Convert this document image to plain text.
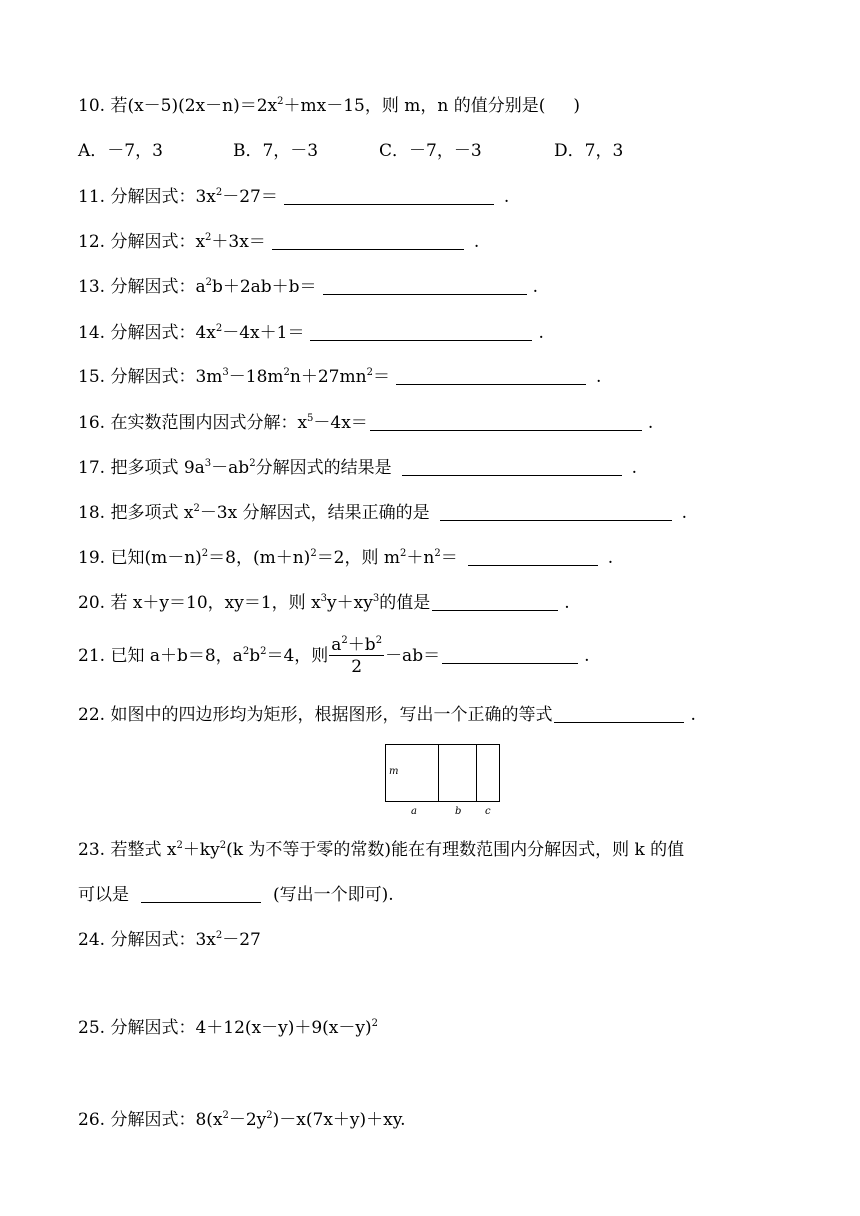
10. 若$(x-5)(2x-n)=2x^2+mx-15$，则 m，n 的值分别是( )
A．－7，3	B．7，－3	C．－7，－3	D．7，3
11. 分解因式：$3x^2-27=$	.
12. 分解因式：$x^2+3x=$	.
13. 分解因式：$a^2b+2ab+b=$	.
14. 分解因式：$4x^2-4x+1=$	.
15. 分解因式：$3m^3-18m^2n+27mn^2=$	.
16. 在实数范围内因式分解：$x^5-4x=$	.
17. 把多项式 $9a^3-ab^2$分解因式的结果是	.
18. 把多项式 $x^2-3x$ 分解因式，结果正确的是	.
19. 已知$(m-n)^2=8$，$(m+n)^2=2$，则 $m^2+n^2=$	.
20. 若 x＋y＝10，xy＝1，则 $x^3y+xy^3$的值是	.
21. 已知 a＋b＝8，$a^2b^2=4$，则 $\frac{a^2+b^2}{2} -ab=$	.
22. 如图中的四边形均为矩形，根据图形，写出一个正确的等式	.
m
a	b c
23. 若整式 $x^2+ky^2(k$ 为不等于零的常数)能在有理数范围内分解因式，则 k 的值
可以是	(写出一个即可).
24. 分解因式：$3x^2-27$
25. 分解因式：$4+12(x-y)+9(x-y)^2$
26. 分解因式：$8(x^2-2y^2)-x(7x+y)+xy$.
